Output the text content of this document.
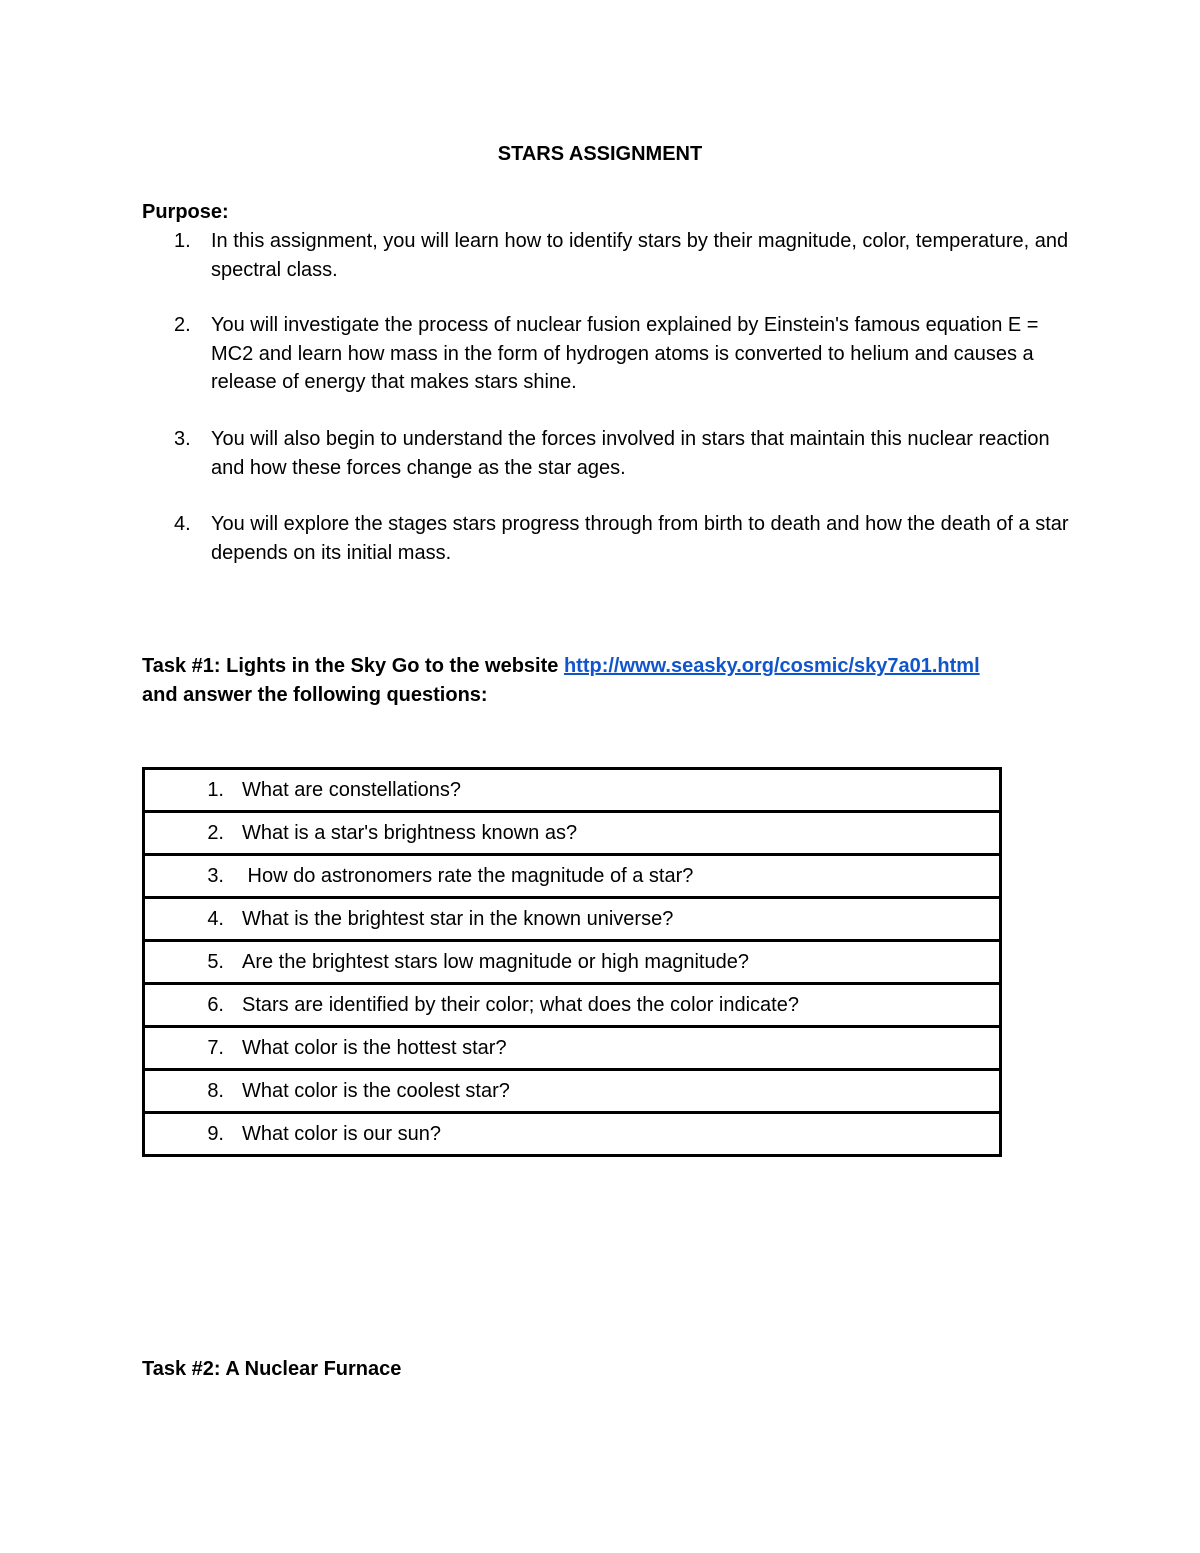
STARS ASSIGNMENT
Purpose:
1.	In this assignment, you will learn how to identify stars by their magnitude, color, temperature, and spectral class.
2.	You will investigate the process of nuclear fusion explained by Einstein's famous equation E = MC2 and learn how mass in the form of hydrogen atoms is converted to helium and causes a release of energy that makes stars shine.
3.	You will also begin to understand the forces involved in stars that maintain this nuclear reaction and how these forces change as the star ages.
4.	You will explore the stages stars progress through from birth to death and how the death of a star depends on its initial mass.
Task #1: Lights in the Sky Go to the website http://www.seasky.org/cosmic/sky7a01.html
and answer the following questions:
1. What are constellations?
2. What is a star's brightness known as?
3. How do astronomers rate the magnitude of a star?
4. What is the brightest star in the known universe?
5. Are the brightest stars low magnitude or high magnitude?
6. Stars are identified by their color; what does the color indicate?
7. What color is the hottest star?
8. What color is the coolest star?
9. What color is our sun?
Task #2: A Nuclear Furnace
